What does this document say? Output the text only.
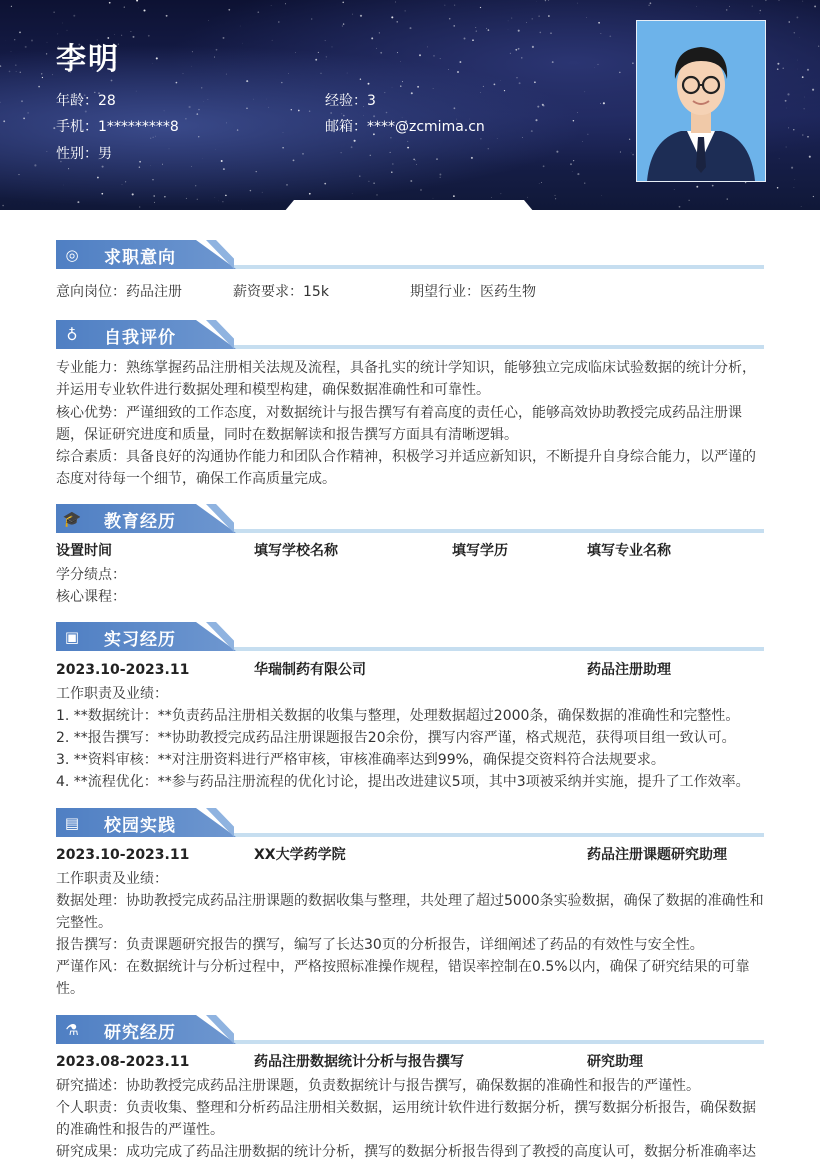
李明
年龄：28	经验：3
手机：1*********8	邮箱：****@zcmima.cn
性别：男
◎ 求职意向
意向岗位：药品注册	薪资要求：15k	期望行业：医药生物
♁ 自我评价
专业能力：熟练掌握药品注册相关法规及流程，具备扎实的统计学知识，能够独立完成临床试验数据的统计分析，
并运用专业软件进行数据处理和模型构建，确保数据准确性和可靠性。
核心优势：严谨细致的工作态度，对数据统计与报告撰写有着高度的责任心，能够高效协助教授完成药品注册课
题，保证研究进度和质量，同时在数据解读和报告撰写方面具有清晰逻辑。
综合素质：具备良好的沟通协作能力和团队合作精神，积极学习并适应新知识，不断提升自身综合能力，以严谨的
态度对待每一个细节，确保工作高质量完成。
🎓 教育经历
设置时间	填写学校名称	填写学历	填写专业名称
学分绩点：
核心课程：
▣ 实习经历
2023.10-2023.11	华瑞制药有限公司	药品注册助理
工作职责及业绩：
1. **数据统计：**负责药品注册相关数据的收集与整理，处理数据超过2000条，确保数据的准确性和完整性。
2. **报告撰写：**协助教授完成药品注册课题报告20余份，撰写内容严谨，格式规范，获得项目组一致认可。
3. **资料审核：**对注册资料进行严格审核，审核准确率达到99%，确保提交资料符合法规要求。
4. **流程优化：**参与药品注册流程的优化讨论，提出改进建议5项，其中3项被采纳并实施，提升了工作效率。
▤ 校园实践
2023.10-2023.11	XX大学药学院	药品注册课题研究助理
工作职责及业绩：
数据处理：协助教授完成药品注册课题的数据收集与整理，共处理了超过5000条实验数据，确保了数据的准确性和
完整性。
报告撰写：负责课题研究报告的撰写，编写了长达30页的分析报告，详细阐述了药品的有效性与安全性。
严谨作风：在数据统计与分析过程中，严格按照标准操作规程，错误率控制在0.5%以内，确保了研究结果的可靠
性。
⚗ 研究经历
2023.08-2023.11	药品注册数据统计分析与报告撰写	研究助理
研究描述：协助教授完成药品注册课题，负责数据统计与报告撰写，确保数据的准确性和报告的严谨性。
个人职责：负责收集、整理和分析药品注册相关数据，运用统计软件进行数据分析，撰写数据分析报告，确保数据
的准确性和报告的严谨性。
研究成果：成功完成了药品注册数据的统计分析，撰写的数据分析报告得到了教授的高度认可，数据分析准确率达
